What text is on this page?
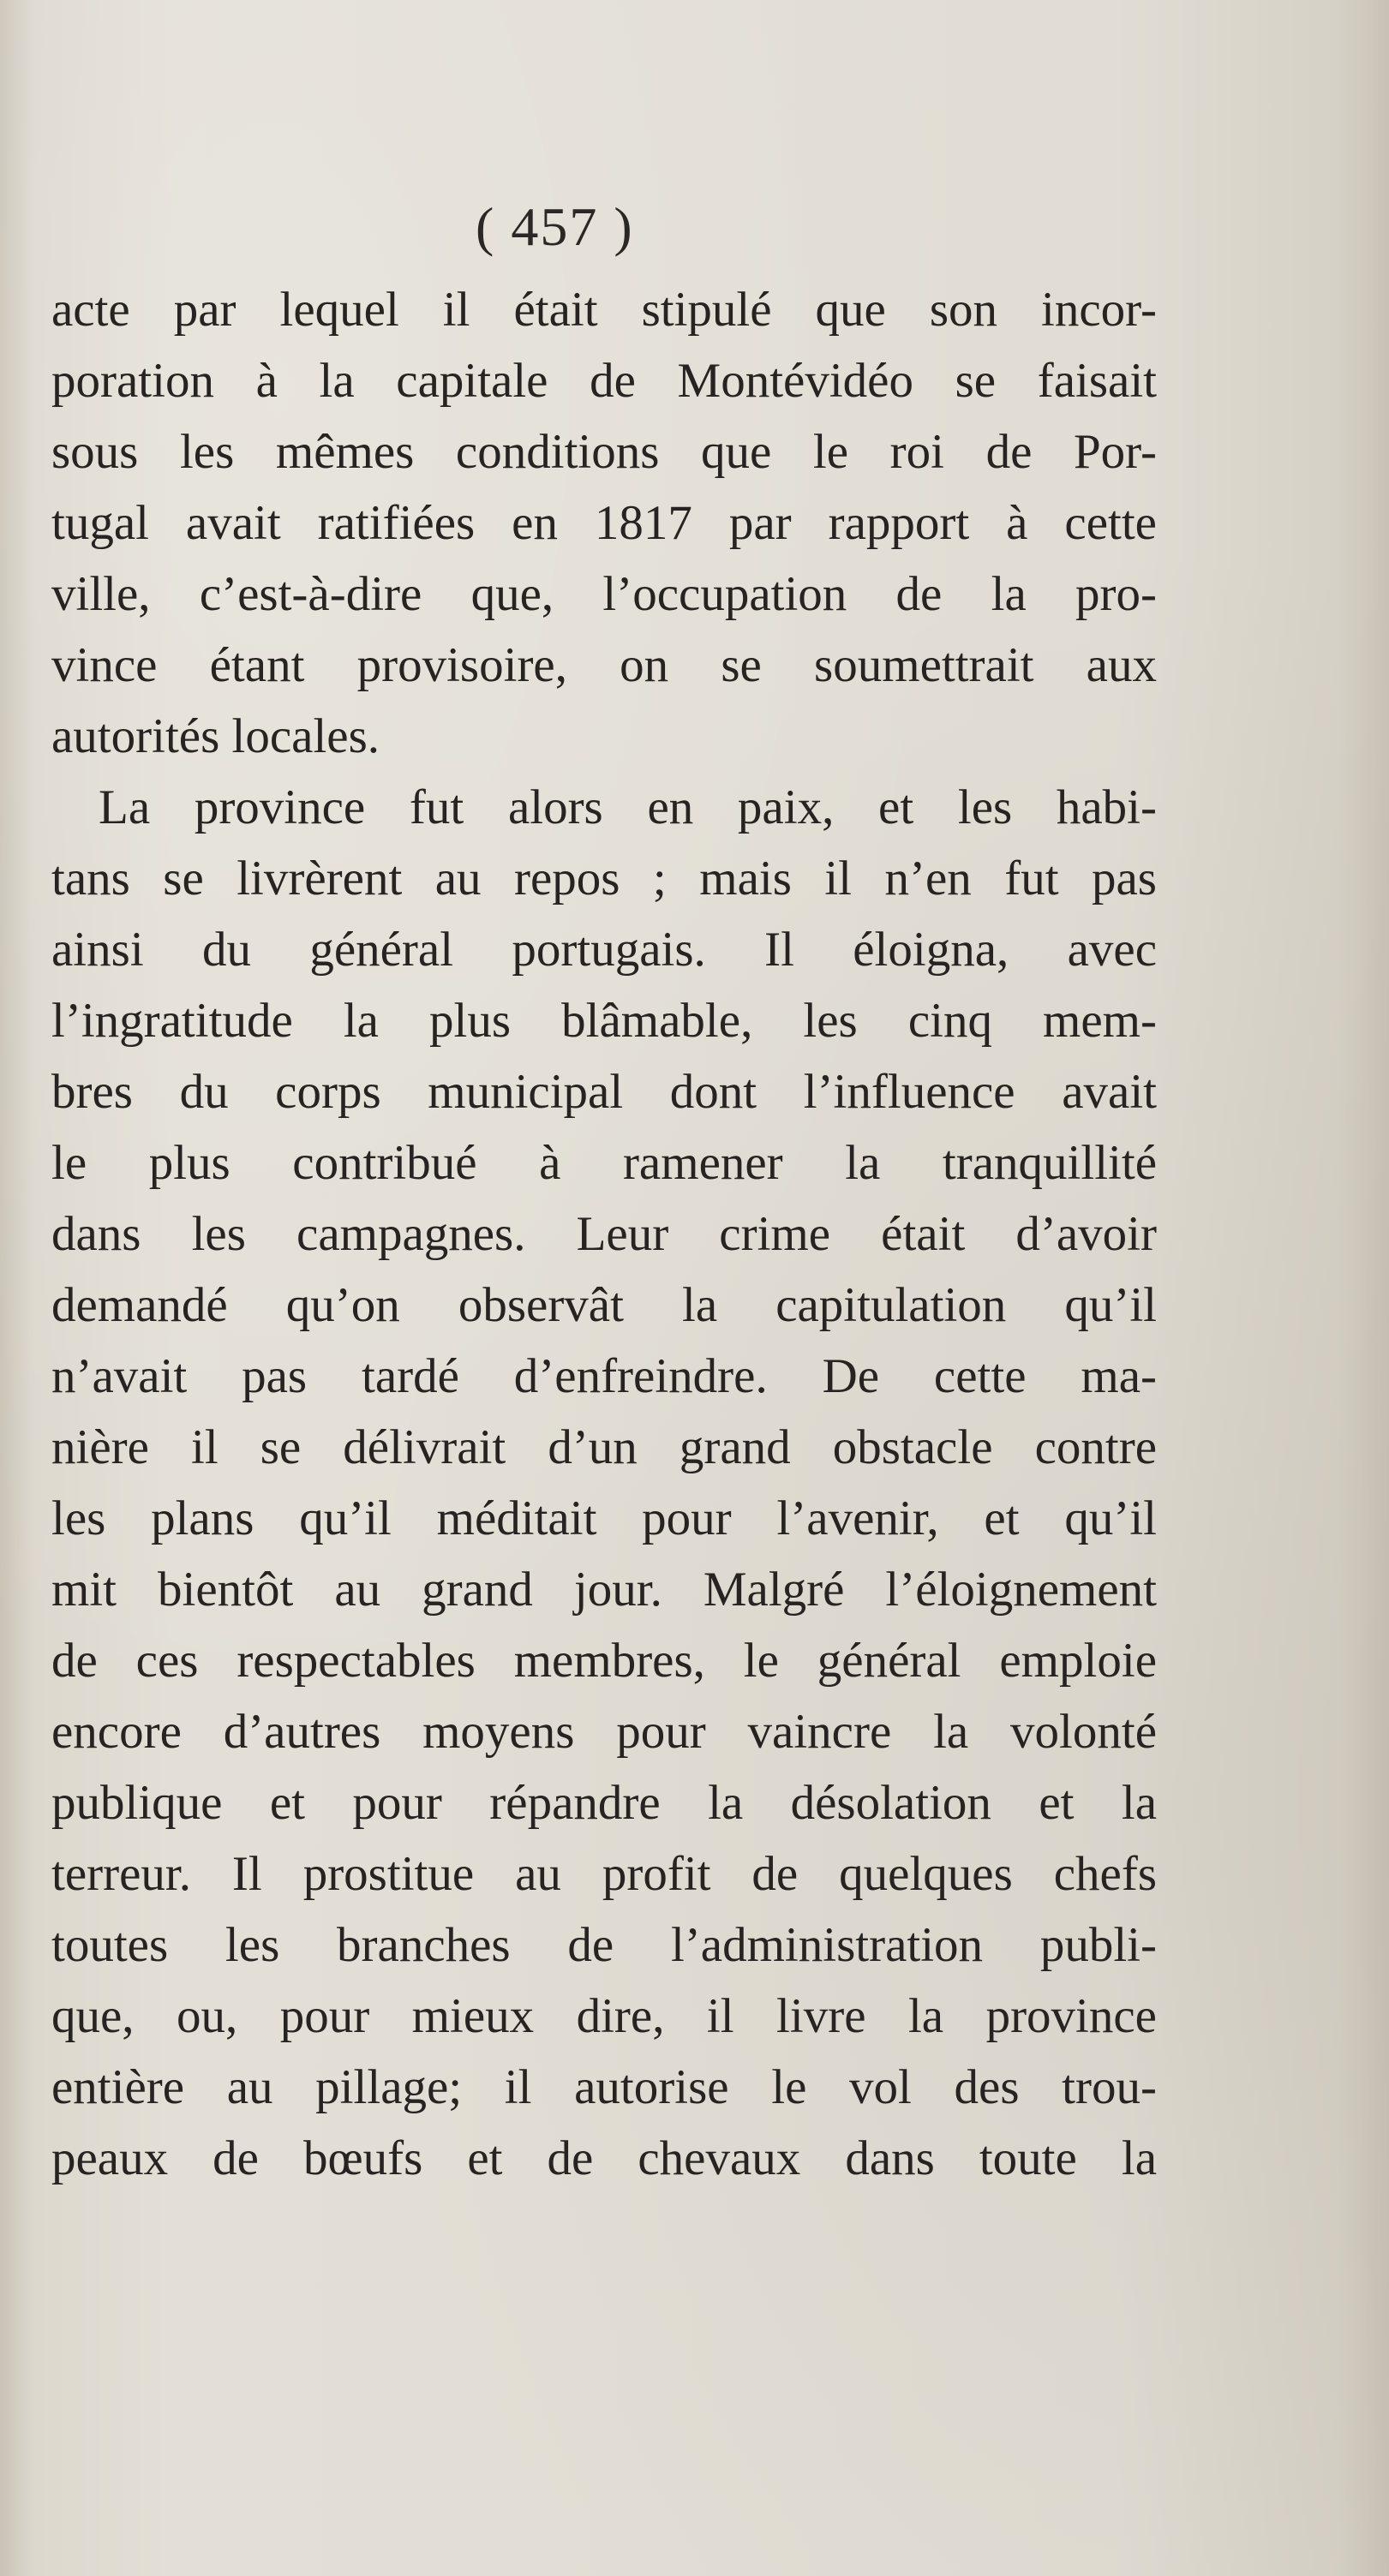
( 457 )
acte par lequel il était stipulé que son incor-
poration à la capitale de Montévidéo se faisait
sous les mêmes conditions que le roi de Por-
tugal avait ratifiées en 1817 par rapport à cette
ville, c’est-à-dire que, l’occupation de la pro-
vince étant provisoire, on se soumettrait aux
autorités locales.
La province fut alors en paix, et les habi-
tans se livrèrent au repos ; mais il n’en fut pas
ainsi du général portugais. Il éloigna, avec
l’ingratitude la plus blâmable, les cinq mem-
bres du corps municipal dont l’influence avait
le plus contribué à ramener la tranquillité
dans les campagnes. Leur crime était d’avoir
demandé qu’on observât la capitulation qu’il
n’avait pas tardé d’enfreindre. De cette ma-
nière il se délivrait d’un grand obstacle contre
les plans qu’il méditait pour l’avenir, et qu’il
mit bientôt au grand jour. Malgré l’éloignement
de ces respectables membres, le général emploie
encore d’autres moyens pour vaincre la volonté
publique et pour répandre la désolation et la
terreur. Il prostitue au profit de quelques chefs
toutes les branches de l’administration publi-
que, ou, pour mieux dire, il livre la province
entière au pillage; il autorise le vol des trou-
peaux de bœufs et de chevaux dans toute la
